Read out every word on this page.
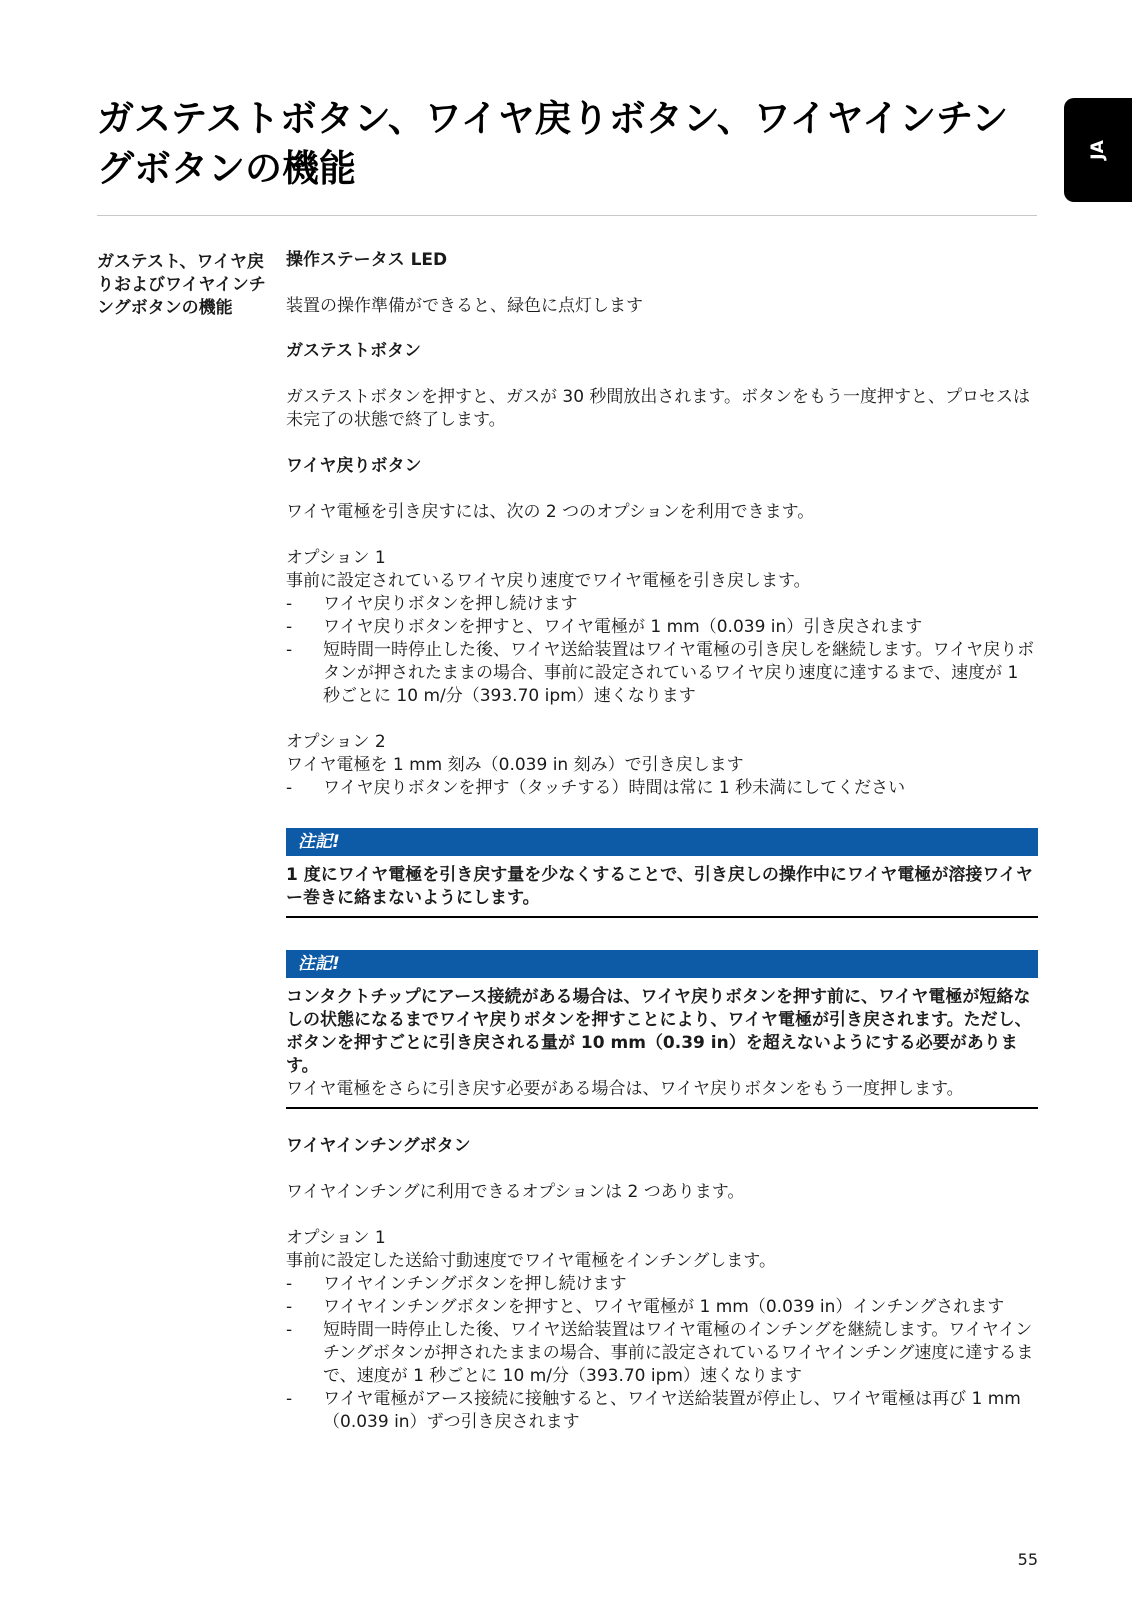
ガステストボタン、ワイヤ戻りボタン、ワイヤインチングボタンの機能	JA

ガステスト、ワイヤ戻りおよびワイヤインチングボタンの機能

操作ステータス LED

装置の操作準備ができると、緑色に点灯します

ガステストボタン

ガステストボタンを押すと、ガスが 30 秒間放出されます。ボタンをもう一度押すと、プロセスは未完了の状態で終了します。

ワイヤ戻りボタン

ワイヤ電極を引き戻すには、次の 2 つのオプションを利用できます。

オプション 1

事前に設定されているワイヤ戻り速度でワイヤ電極を引き戻します。

- ワイヤ戻りボタンを押し続けます
- ワイヤ戻りボタンを押すと、ワイヤ電極が 1 mm（0.039 in）引き戻されます
- 短時間一時停止した後、ワイヤ送給装置はワイヤ電極の引き戻しを継続します。ワイヤ戻りボタンが押されたままの場合、事前に設定されているワイヤ戻り速度に達するまで、速度が 1 秒ごとに 10 m/分（393.70 ipm）速くなります

オプション 2

ワイヤ電極を 1 mm 刻み（0.039 in 刻み）で引き戻します

- ワイヤ戻りボタンを押す（タッチする）時間は常に 1 秒未満にしてください
注記!

1 度にワイヤ電極を引き戻す量を少なくすることで、引き戻しの操作中にワイヤ電極が溶接ワイヤー巻きに絡まないようにします。

注記!

コンタクトチップにアース接続がある場合は、ワイヤ戻りボタンを押す前に、ワイヤ電極が短絡なしの状態になるまでワイヤ戻りボタンを押すことにより、ワイヤ電極が引き戻されます。ただし、ボタンを押すごとに引き戻される量が 10 mm（0.39 in）を超えないようにする必要があります。

ワイヤ電極をさらに引き戻す必要がある場合は、ワイヤ戻りボタンをもう一度押します。

ワイヤインチングボタン

ワイヤインチングに利用できるオプションは 2 つあります。

オプション 1

事前に設定した送給寸動速度でワイヤ電極をインチングします。

- ワイヤインチングボタンを押し続けます
- ワイヤインチングボタンを押すと、ワイヤ電極が 1 mm（0.039 in）インチングされます
- 短時間一時停止した後、ワイヤ送給装置はワイヤ電極のインチングを継続します。ワイヤインチングボタンが押されたままの場合、事前に設定されているワイヤインチング速度に達するまで、速度が 1 秒ごとに 10 m/分（393.70 ipm）速くなります
- ワイヤ電極がアース接続に接触すると、ワイヤ送給装置が停止し、ワイヤ電極は再び 1 mm（0.039 in）ずつ引き戻されます
55
